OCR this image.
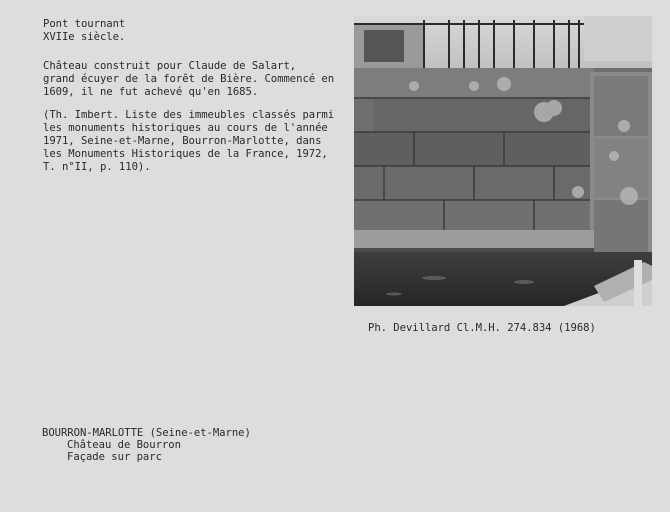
Pont tournant
XVIIe siècle.
Château construit pour Claude de Salart,
grand écuyer de la forêt de Bière. Commencé en
1609, il ne fut achevé qu'en 1685.
(Th. Imbert. Liste des immeubles classés parmi
les monuments historiques au cours de l'année
1971, Seine-et-Marne, Bourron-Marlotte, dans
les Monuments Historiques de la France, 1972,
T. n°II, p. 110).
Ph. Devillard Cl.M.H. 274.834 (1968)
BOURRON-MARLOTTE (Seine-et-Marne)
Château de Bourron
Façade sur parc
